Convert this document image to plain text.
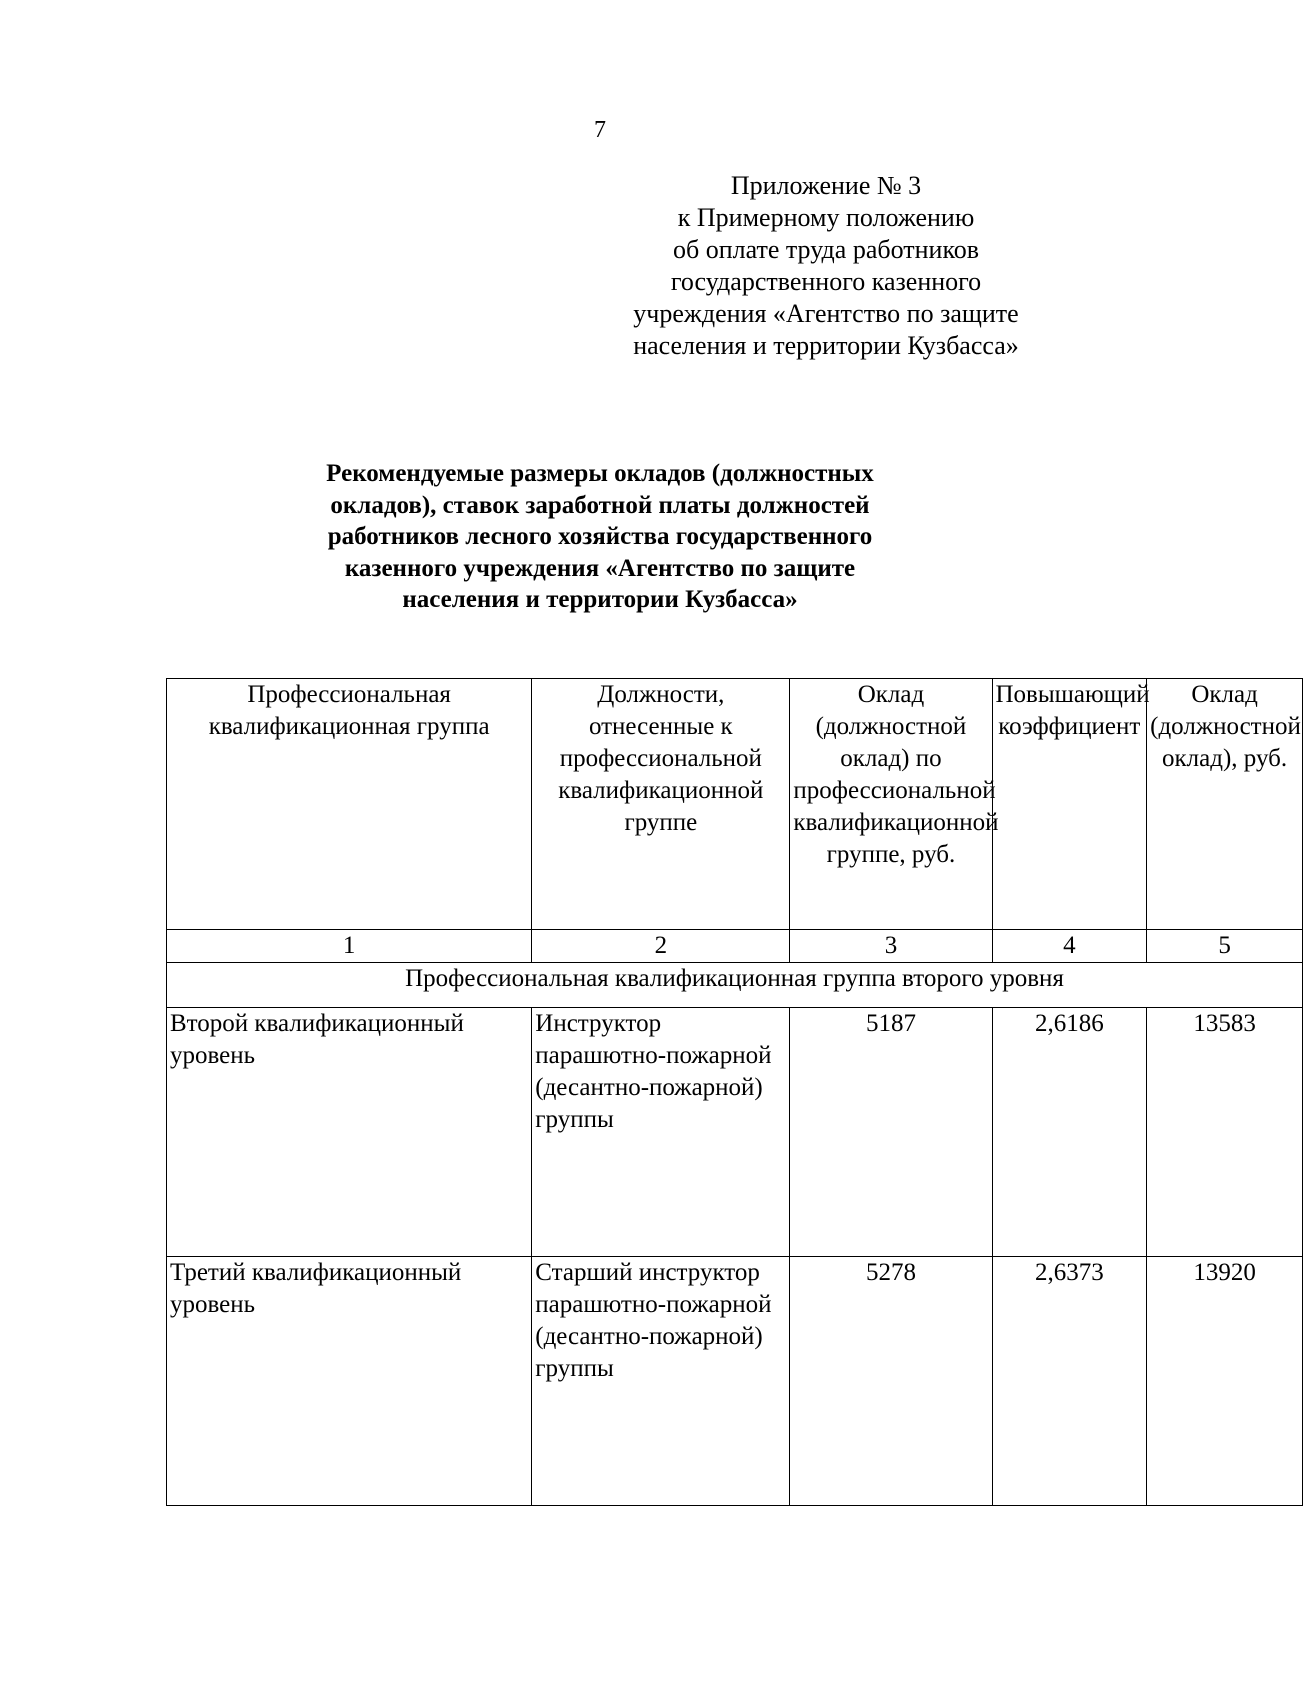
7
Приложение № 3
к Примерному положению
об оплате труда работников
государственного казенного
учреждения «Агентство по защите
населения и территории Кузбасса»
Рекомендуемые размеры окладов (должностных
окладов), ставок заработной платы должностей
работников лесного хозяйства государственного
казенного учреждения «Агентство по защите
населения и территории Кузбасса»
Профессиональная квалификационная группа	Должности, отнесенные к профессиональной квалификационной группе	Оклад (должностной оклад) по профессиональной квалификационной группе, руб.	Повышающий коэффициент	Оклад (должностной оклад), руб.
1	2	3	4	5
Профессиональная квалификационная группа второго уровня				
Второй квалификационный уровень	Инструктор парашютно-пожарной (десантно-пожарной) группы	5187	2,6186	13583
Третий квалификационный уровень	Старший инструктор парашютно-пожарной (десантно-пожарной) группы	5278	2,6373	13920
